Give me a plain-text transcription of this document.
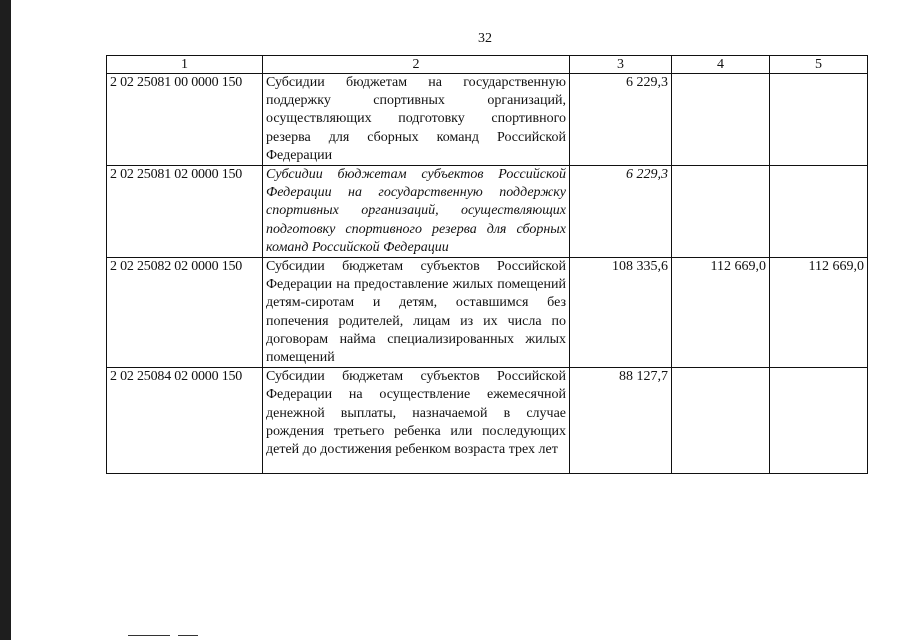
32
1	2	3	4	5
2 02 25081 00 0000 150	Субсидии бюджетам на государственную поддержку спортивных организаций, осуществляющих подготовку спортивного резерва для сборных команд Российской Федерации	6 229,3		
2 02 25081 02 0000 150	Субсидии бюджетам субъектов Российской Федерации на государственную поддержку спортивных организаций, осуществляющих подготовку спортивного резерва для сборных команд Российской Федерации	6 229,3		
2 02 25082 02 0000 150	Субсидии бюджетам субъектов Российской Федерации на предоставление жилых помещений детям-сиротам и детям, оставшимся без попечения родителей, лицам из их числа по договорам найма специализированных жилых помещений	108 335,6	112 669,0	112 669,0
2 02 25084 02 0000 150	Субсидии бюджетам субъектов Российской Федерации на осуществление ежемесячной денежной выплаты, назначаемой в случае рождения третьего ребенка или последующих детей до достижения ребенком возраста трех лет	88 127,7		
